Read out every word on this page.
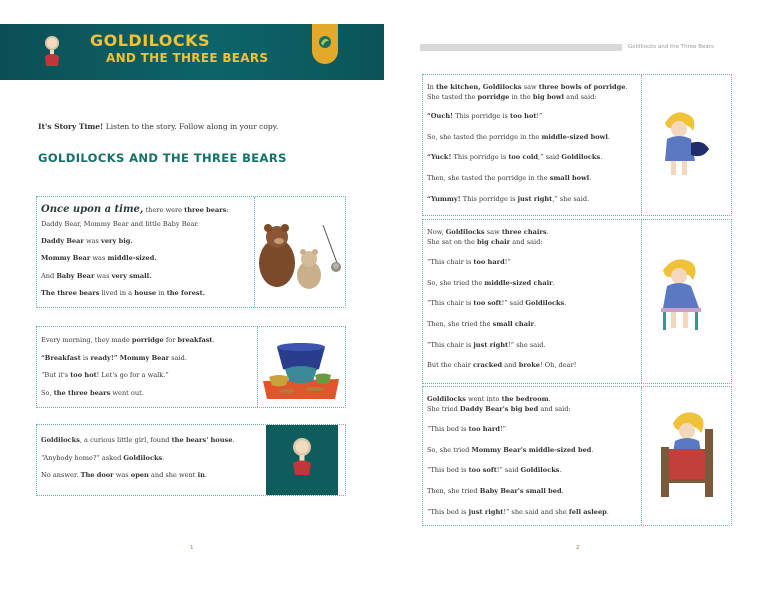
GOLDILOCKS
AND THE THREE BEARS
It's Story Time! Listen to the story. Follow along in your copy.
GOLDILOCKS AND THE THREE BEARS
Once upon a time, there were three bears:
Daddy Bear, Mommy Bear and little Baby Bear.
Daddy Bear was very big.
Mommy Bear was middle-sized.
And Baby Bear was very small.
The three bears lived in a house in the forest.
Every morning, they made porridge for breakfast.
“Breakfast is ready!” Mommy Bear said.
“But it's too hot! Let's go for a walk.”
So, the three bears went out.
Goldilocks, a curious little girl, found the bears' house.
“Anybody home?” asked Goldilocks.
No answer. The door was open and she went in.
1
Goldilocks and the Three Bears
In the kitchen, Goldilocks saw three bowls of porridge.
She tasted the porridge in the big bowl and said:
“Ouch! This porridge is too hot!”
So, she tasted the porridge in the middle-sized bowl.
“Yuck! This porridge is too cold,” said Goldilocks.
Then, she tasted the porridge in the small bowl.
“Yummy! This porridge is just right,” she said.
Now, Goldilocks saw three chairs.
She sat on the big chair and said:
“This chair is too hard!”
So, she tried the middle-sized chair.
“This chair is too soft!” said Goldilocks.
Then, she tried the small chair.
“This chair is just right!” she said.
But the chair cracked and broke! Oh, dear!
Goldilocks went into the bedroom.
She tried Daddy Bear's big bed and said:
“This bed is too hard!”
So, she tried Mommy Bear's middle-sized bed.
“This bed is too soft!” said Goldilocks.
Then, she tried Baby Bear's small bed.
“This bed is just right!” she said and she fell asleep.
2
